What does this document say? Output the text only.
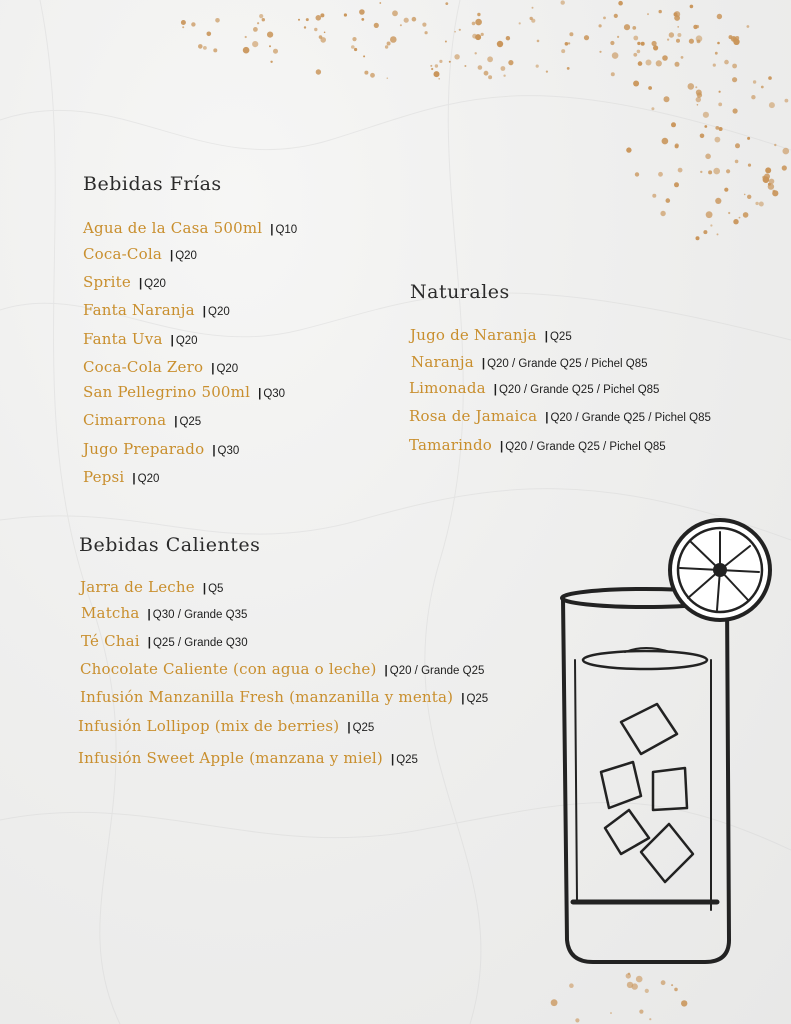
Bebidas Frías
Agua de la Casa 500ml | Q10
Coca-Cola | Q20
Sprite | Q20
Fanta Naranja | Q20
Fanta Uva | Q20
Coca-Cola Zero | Q20
San Pellegrino 500ml | Q30
Cimarrona | Q25
Jugo Preparado | Q30
Pepsi | Q20
Naturales
Jugo de Naranja | Q25
Naranja | Q20 / Grande Q25 / Pichel Q85
Limonada | Q20 / Grande Q25 / Pichel Q85
Rosa de Jamaica | Q20 / Grande Q25 / Pichel Q85
Tamarindo | Q20 / Grande Q25 / Pichel Q85
Bebidas Calientes
Jarra de Leche | Q5
Matcha | Q30 / Grande Q35
Té Chai | Q25 / Grande Q30
Chocolate Caliente (con agua o leche) | Q20 / Grande Q25
Infusión Manzanilla Fresh (manzanilla y menta) | Q25
Infusión Lollipop (mix de berries) | Q25
Infusión Sweet Apple (manzana y miel) | Q25
